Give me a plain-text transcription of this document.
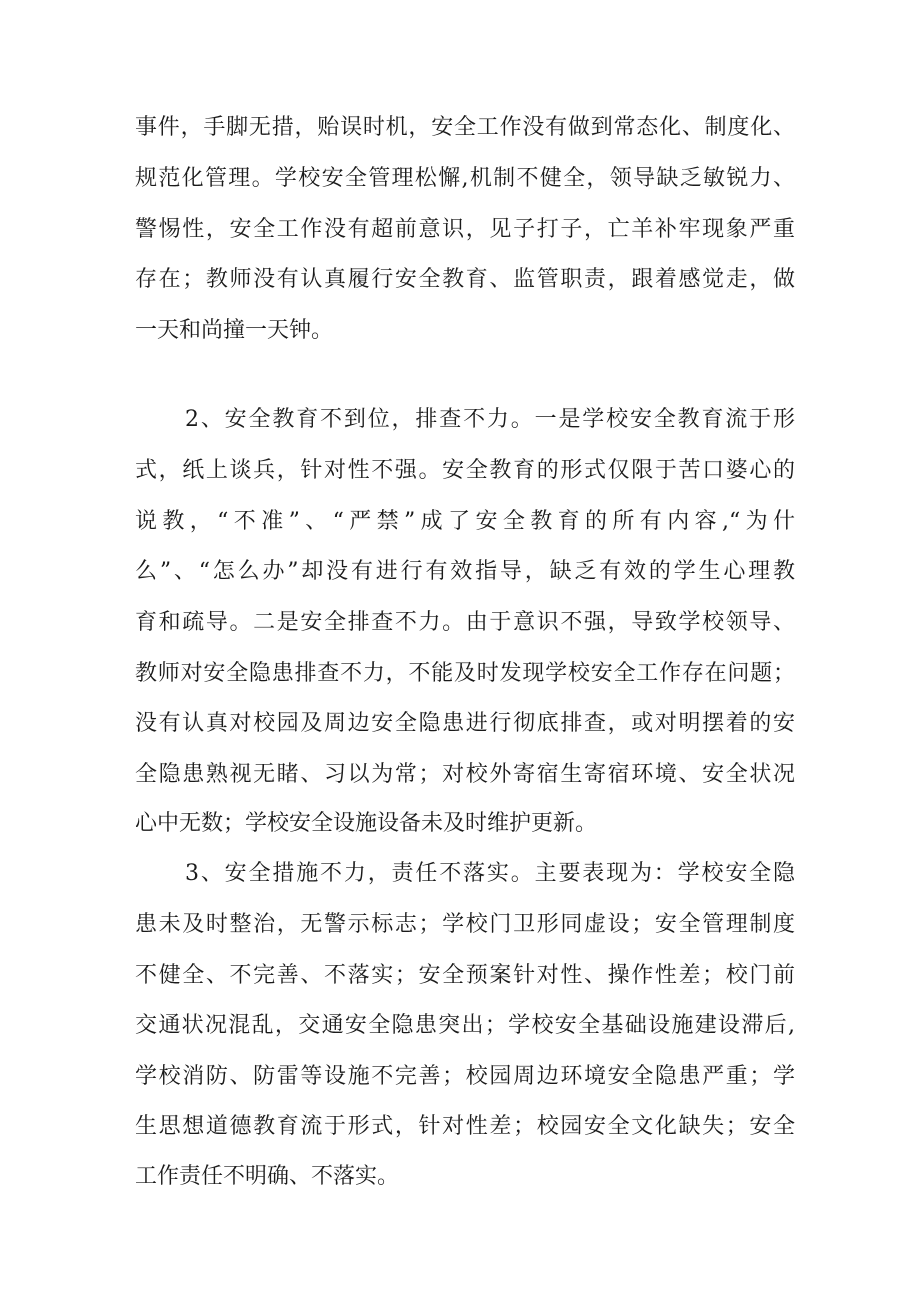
事件，手脚无措，贻误时机，安全工作没有做到常态化、制度化、
规范化管理。学校安全管理松懈,机制不健全，领导缺乏敏锐力、
警惕性，安全工作没有超前意识，见子打子，亡羊补牢现象严重
存在；教师没有认真履行安全教育、监管职责，跟着感觉走，做
一天和尚撞一天钟。
2、安全教育不到位，排查不力。一是学校安全教育流于形
式，纸上谈兵，针对性不强。安全教育的形式仅限于苦口婆心的
说教，“不准”、“严禁”成了安全教育的所有内容,“为什
么”、“怎么办”却没有进行有效指导，缺乏有效的学生心理教
育和疏导。二是安全排查不力。由于意识不强，导致学校领导、
教师对安全隐患排查不力，不能及时发现学校安全工作存在问题；
没有认真对校园及周边安全隐患进行彻底排查，或对明摆着的安
全隐患熟视无睹、习以为常；对校外寄宿生寄宿环境、安全状况
心中无数；学校安全设施设备未及时维护更新。
3、安全措施不力，责任不落实。主要表现为：学校安全隐
患未及时整治，无警示标志；学校门卫形同虚设；安全管理制度
不健全、不完善、不落实；安全预案针对性、操作性差；校门前
交通状况混乱，交通安全隐患突出；学校安全基础设施建设滞后,
学校消防、防雷等设施不完善；校园周边环境安全隐患严重；学
生思想道德教育流于形式，针对性差；校园安全文化缺失；安全
工作责任不明确、不落实。
